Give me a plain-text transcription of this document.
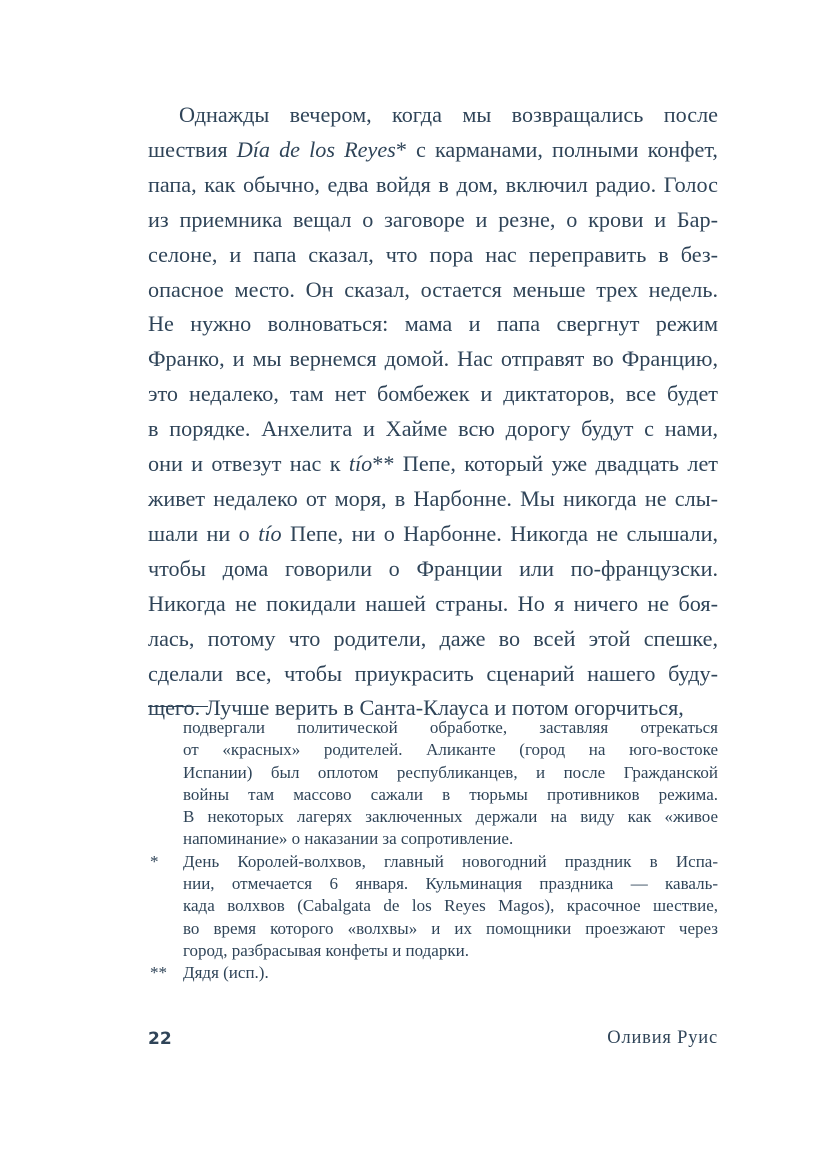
Однажды вечером, когда мы возвращались после
шествия Día de los Reyes* с карманами, полными конфет,
папа, как обычно, едва войдя в дом, включил радио. Голос
из приемника вещал о заговоре и резне, о крови и Бар-
селоне, и папа сказал, что пора нас переправить в без-
опасное место. Он сказал, остается меньше трех недель.
Не нужно волноваться: мама и папа свергнут режим
Франко, и мы вернемся домой. Нас отправят во Францию,
это недалеко, там нет бомбежек и диктаторов, все будет
в порядке. Анхелита и Хайме всю дорогу будут с нами,
они и отвезут нас к tío** Пепе, который уже двадцать лет
живет недалеко от моря, в Нарбонне. Мы никогда не слы-
шали ни о tío Пепе, ни о Нарбонне. Никогда не слышали,
чтобы дома говорили о Франции или по-французски.
Никогда не покидали нашей страны. Но я ничего не боя-
лась, потому что родители, даже во всей этой спешке,
сделали все, чтобы приукрасить сценарий нашего буду-
щего. Лучше верить в Санта-Клауса и потом огорчиться,
подвергали политической обработке, заставляя отрекаться
от «красных» родителей. Аликанте (город на юго-востоке
Испании) был оплотом республиканцев, и после Гражданской
войны там массово сажали в тюрьмы противников режима.
В некоторых лагерях заключенных держали на виду как «живое
напоминание» о наказании за сопротивление.
* День Королей-волхвов, главный новогодний праздник в Испа-
нии, отмечается 6 января. Кульминация праздника — каваль-
када волхвов (Cabalgata de los Reyes Magos), красочное шествие,
во время которого «волхвы» и их помощники проезжают через
город, разбрасывая конфеты и подарки.
** Дядя (исп.).
22	Оливия Руис
